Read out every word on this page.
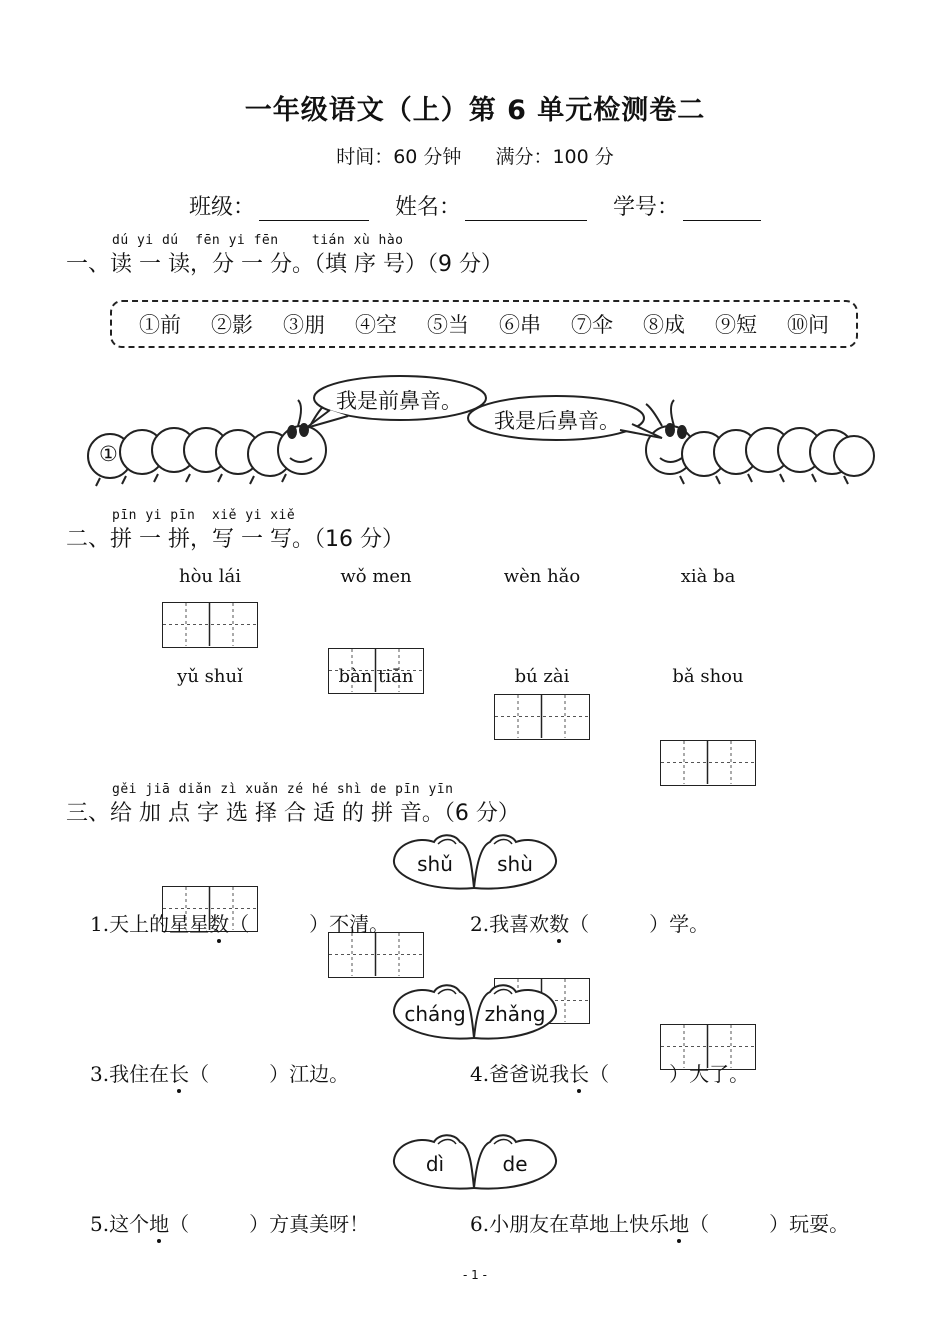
一年级语文（上）第 6 单元检测卷二
时间：60 分钟 满分：100 分
班级：	姓名：	学号：
dú yi dú fēn yi fēn	tián xù hào
一、读 一 读，分 一 分。（填 序 号）（9 分）
①前 ②影 ③朋 ④空 ⑤当 ⑥串 ⑦伞 ⑧成 ⑨短 ⑩问
我是前鼻音。
我是后鼻音。
①
pīn yi pīn xiě yi xiě
二、拼 一 拼，写 一 写。（16 分）
hòu lái	wǒ men	wèn hǎo	xià ba
yǔ shuǐ	bàn tiān	bú zài	bǎ shou
gěi jiā diǎn zì xuǎn zé hé shì de pīn yīn
三、给 加 点 字 选 择 合 适 的 拼 音。（6 分）
shǔ	shù
1.天上的星星数（　　　）不清。	2.我喜欢数（　　　）学。
cháng zhǎng
3.我住在长（　　　）江边。	4.爸爸说我长（　　　）大了。
dì	de
5.这个地（　　　）方真美呀！	6.小朋友在草地上快乐地（　　　）玩耍。
- 1 -
